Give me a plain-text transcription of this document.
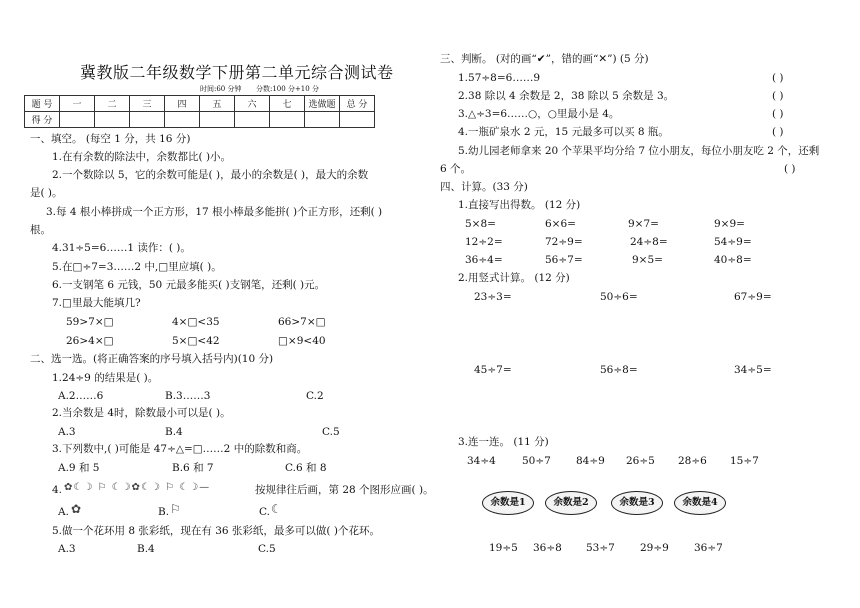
冀教版二年级数学下册第二单元综合测试卷
时间:60 分钟 分数:100 分+10 分
题 号	一	二	三	四	五	六	七	选做题	总 分
得 分									
一、填空。 (每空 1 分，共 16 分)
1.在有余数的除法中，余数都比( )小。
2.一个数除以 5，它的余数可能是( )，最小的余数是( )，最大的余数
是( )。
3.每 4 根小棒拼成一个正方形，17 根小棒最多能拼( )个正方形，还剩( )
根。
4.31÷5=6……1 读作：( )。
5.在□÷7=3……2 中,□里应填( )。
6.一支钢笔 6 元钱，50 元最多能买( )支钢笔，还剩( )元。
7.□里最大能填几?
59>7×□	4×□<35	66>7×□
26>4×□	5×□<42	□×9<40
二、选一选。(将正确答案的序号填入括号内)(10 分)
1.24÷9 的结果是( )。
A.2……6	B.3……3	C.2
2.当余数是 4时，除数最小可以是( )。
A.3	B.4	C.5
3.下列数中,( )可能是 47÷△=□……2 中的除数和商。
A.9 和 5	B.6 和 7	C.6 和 8
4. ✿☾☽ ⚐ ☾☽✿☾☽ ⚐ ☾☽—	按规律往后画，第 28 个图形应画( )。
A. ✿	B. ⚐	C. ☾
5.做一个花环用 8 张彩纸，现在有 36 张彩纸，最多可以做( )个花环。
A.3	B.4	C.5
三、判断。 (对的画“✔”，错的画“✕”) (5 分)
1.57÷8=6……9	( )
2.38 除以 4 余数是 2，38 除以 5 余数是 3。	( )
3.△÷3=6……○，○里最小是 4。	( )
4.一瓶矿泉水 2 元，15 元最多可以买 8 瓶。	( )
5.幼儿园老师拿来 20 个苹果平均分给 7 位小朋友，每位小朋友吃 2 个，还剩
6 个。	( )
四、计算。(33 分)
1.直接写出得数。 (12 分)
5×8=	6×6=	9×7=	9×9=
12÷2=	72÷9=	24÷8=	54÷9=
36÷4=	56÷7=	9×5=	40÷8=
2.用竖式计算。 (12 分)
23÷3=	50÷6=	67÷9=
45÷7=	56÷8=	34÷5=
3.连一连。 (11 分)
34÷4 50÷7 84÷9 26÷5 28÷6 15÷7
余数是1	余数是2	余数是3	余数是4
19÷5 36÷8 53÷7 29÷9 36÷7
